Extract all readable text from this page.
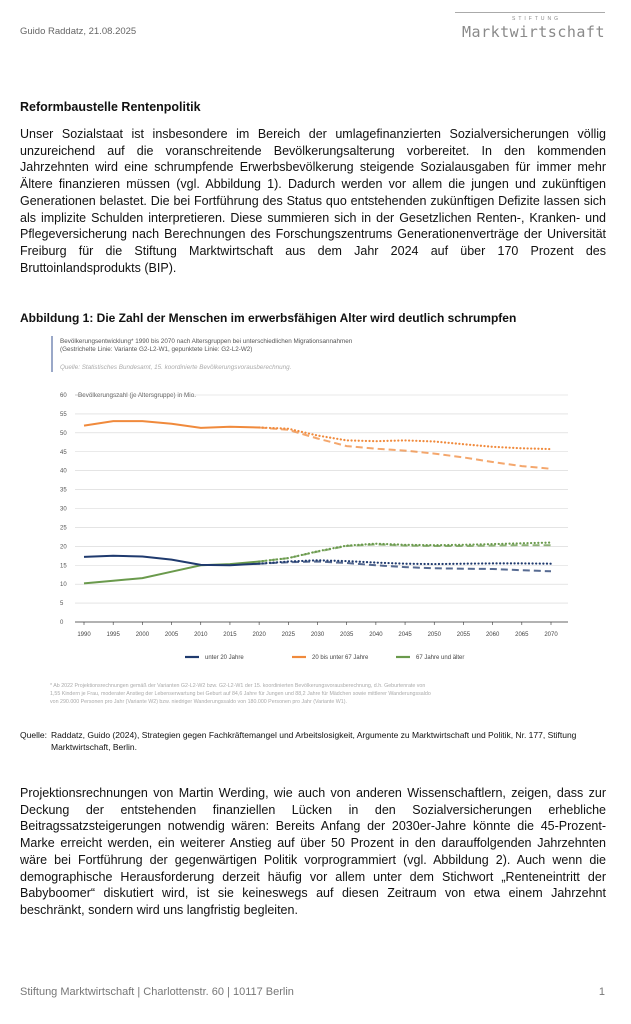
Guido Raddatz, 21.08.2025
STIFTUNG
Marktwirtschaft
Reformbaustelle Rentenpolitik
Unser Sozialstaat ist insbesondere im Bereich der umlagefinanzierten Sozialversicherungen völlig unzureichend auf die voranschreitende Bevölkerungsalterung vorbereitet. In den kommenden Jahrzehnten wird eine schrumpfende Erwerbsbevölkerung steigende Sozialausgaben für immer mehr Ältere finanzieren müssen (vgl. Abbildung 1). Dadurch werden vor allem die jungen und zukünftigen Generationen belastet. Die bei Fortführung des Status quo entstehenden zukünftigen Defizite lassen sich als implizite Schulden interpretieren. Diese summieren sich in der Gesetzlichen Renten-, Kranken- und Pflegeversicherung nach Berechnungen des Forschungszentrums Generationenverträge der Universität Freiburg für die Stiftung Marktwirtschaft aus dem Jahr 2024 auf über 170 Prozent des Bruttoinlandsprodukts (BIP).
Abbildung 1: Die Zahl der Menschen im erwerbsfähigen Alter wird deutlich schrumpfen
Bevölkerungsentwicklung* 1990 bis 2070 nach Altersgruppen bei unterschiedlichen Migrationsannahmen
(Gestrichelte Linie: Variante G2-L2-W1, gepunktete Linie: G2-L2-W2)
Quelle: Statistisches Bundesamt, 15. koordinierte Bevölkerungsvorausberechnung.
Bevölkerungszahl (je Altersgruppe) in Mio.
0
5
10
15
20
25
30
35
40
45
50
55
60
1990	1995	2000	2005	2010	2015	2020	2025	2030	2035	2040	2045	2050	2055	2060	2065	2070
unter 20 Jahre	20 bis unter 67 Jahre	67 Jahre und älter
* Ab 2022 Projektionsrechnungen gemäß der Varianten G2-L2-W2 bzw. G2-L2-W1 der 15. koordinierten Bevölkerungsvorausberechnung, d.h. Geburtenrate von
1,55 Kindern je Frau, moderater Anstieg der Lebenserwartung bei Geburt auf 84,6 Jahre für Jungen und 88,2 Jahre für Mädchen sowie mittlerer Wanderungssaldo
von 290.000 Personen pro Jahr (Variante W2) bzw. niedriger Wanderungssaldo von 180.000 Personen pro Jahr (Variante W1).
Quelle: Raddatz, Guido (2024), Strategien gegen Fachkräftemangel und Arbeitslosigkeit, Argumente zu Marktwirtschaft und Politik, Nr. 177, Stiftung Marktwirtschaft, Berlin.
Projektionsrechnungen von Martin Werding, wie auch von anderen Wissenschaftlern, zeigen, dass zur Deckung der entstehenden finanziellen Lücken in den Sozialversicherungen erhebliche Beitragssatzsteigerungen notwendig wären: Bereits Anfang der 2030er-Jahre könnte die 45-Prozent-Marke erreicht werden, ein weiterer Anstieg auf über 50 Prozent in den darauffolgenden Jahrzehnten wäre bei Fortführung der gegenwärtigen Politik vorprogrammiert (vgl. Abbildung 2). Auch wenn die demographische Herausforderung derzeit häufig vor allem unter dem Stichwort „Renteneintritt der Babyboomer“ diskutiert wird, ist sie keineswegs auf diesen Zeitraum von etwa einem Jahrzehnt beschränkt, sondern wird uns langfristig begleiten.
Stiftung Marktwirtschaft | Charlottenstr. 60 | 10117 Berlin	1
